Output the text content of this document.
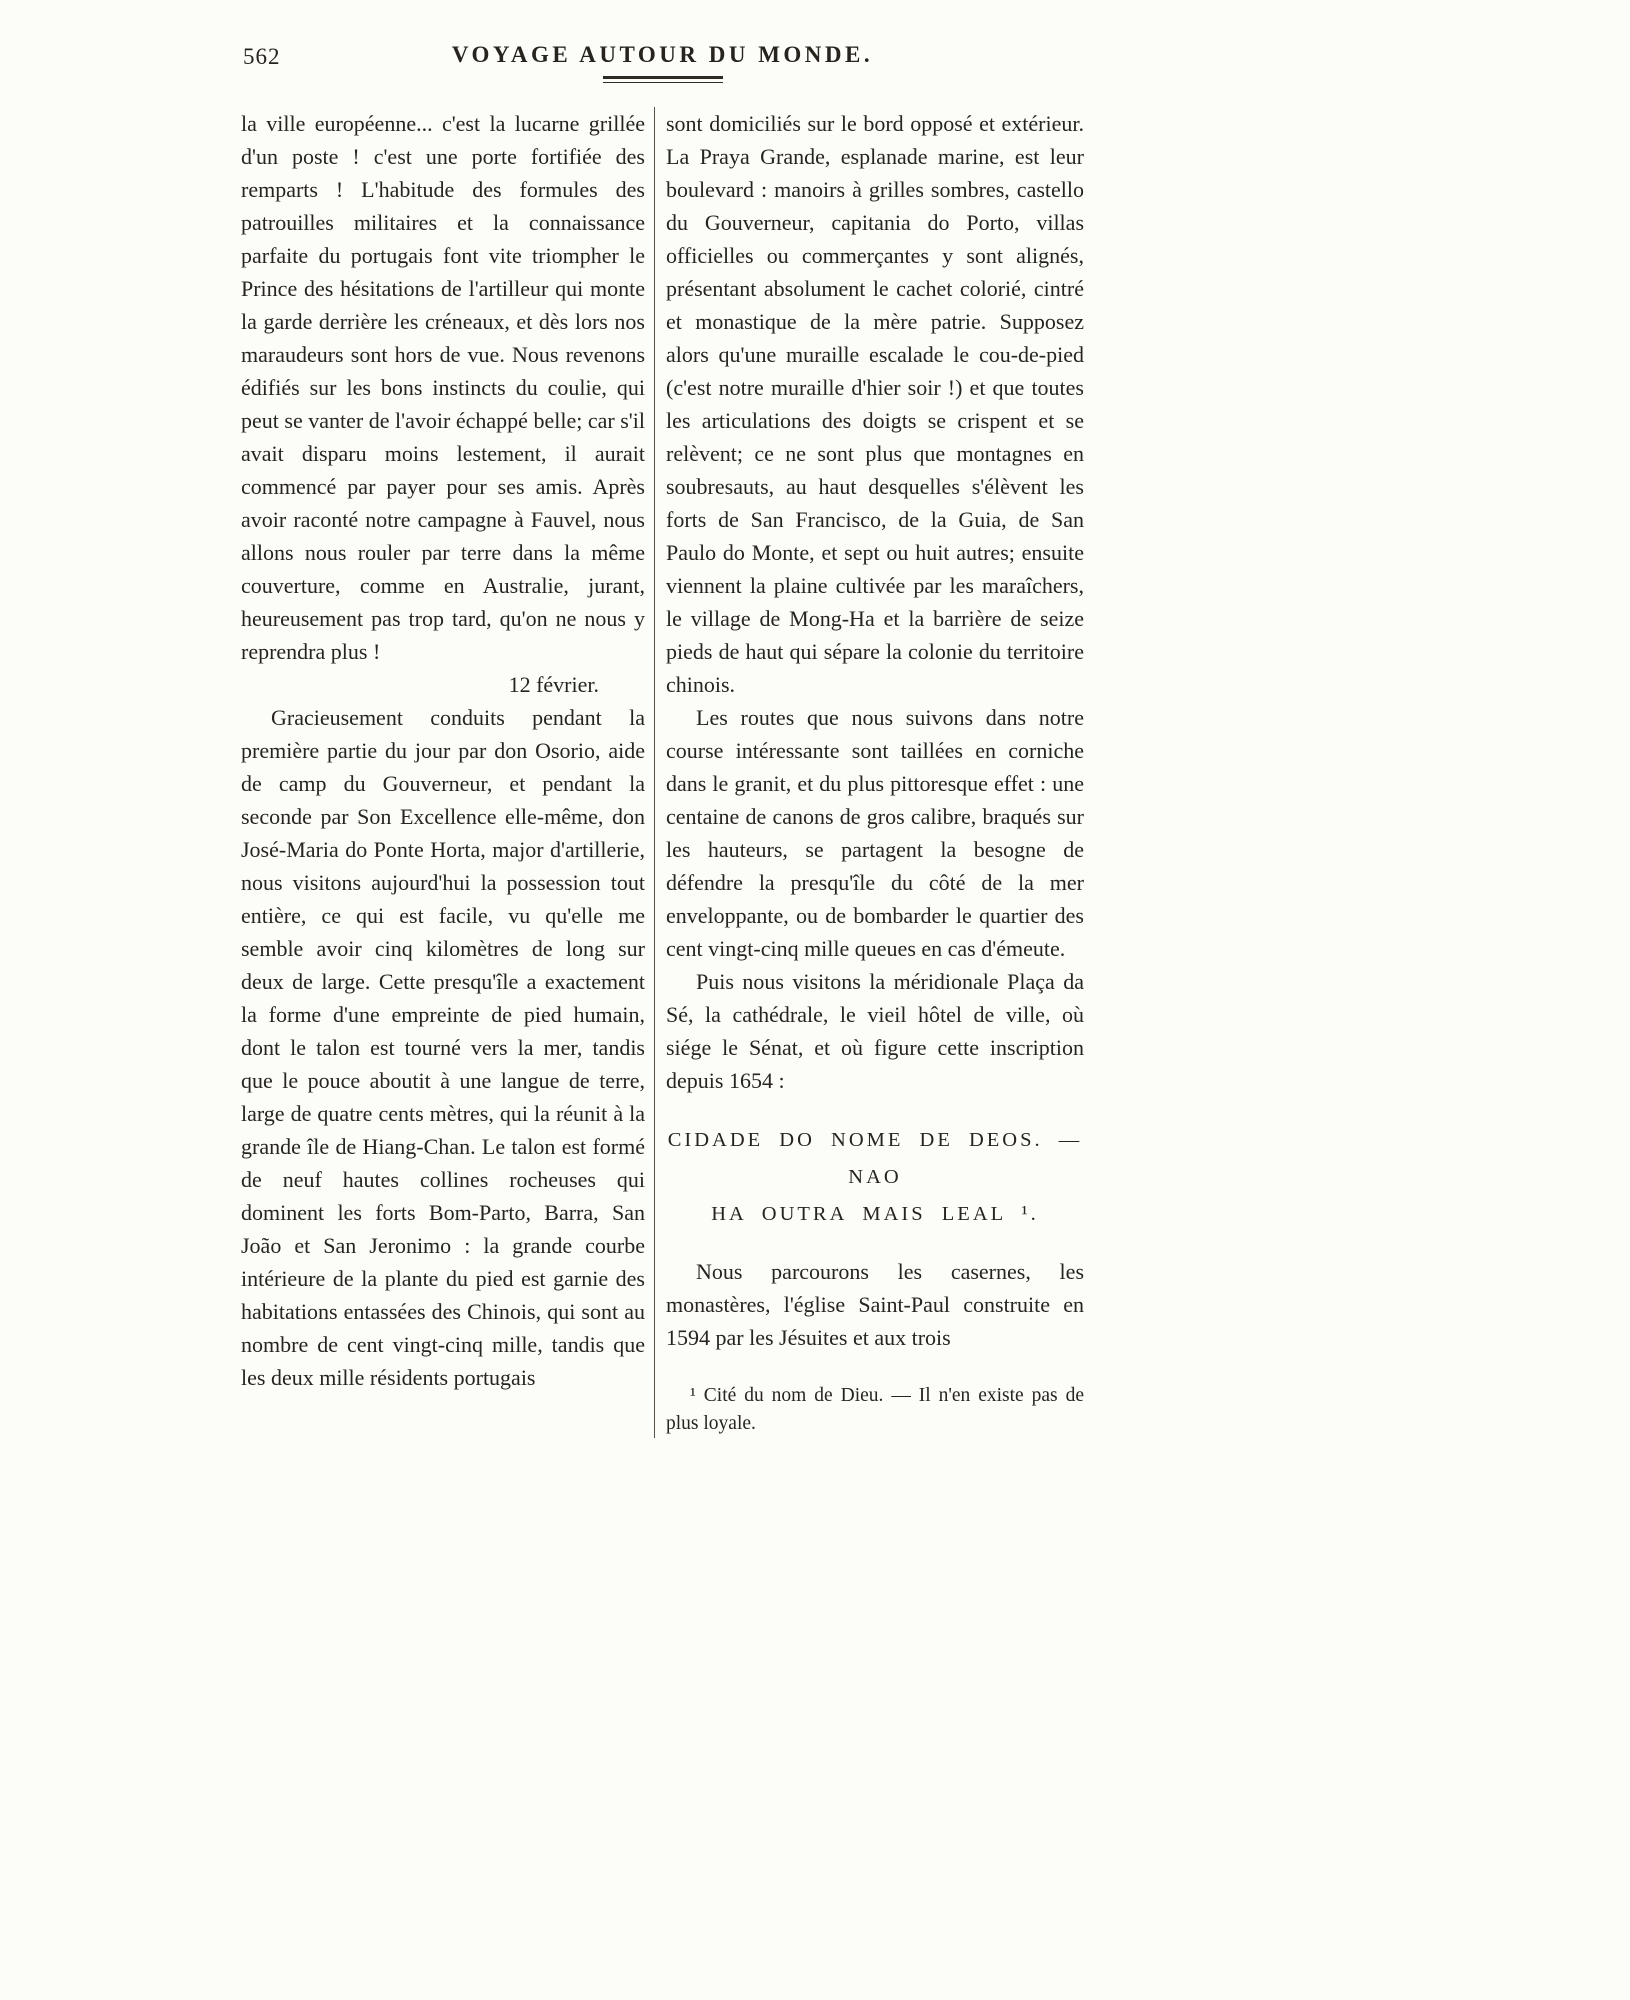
562	VOYAGE AUTOUR DU MONDE.

la ville européenne... c'est la lucarne grillée d'un poste ! c'est une porte fortifiée des remparts ! L'habitude des formules des patrouilles militaires et la connaissance parfaite du portugais font vite triompher le Prince des hésitations de l'artilleur qui monte la garde derrière les créneaux, et dès lors nos maraudeurs sont hors de vue. Nous revenons édifiés sur les bons instincts du coulie, qui peut se vanter de l'avoir échappé belle; car s'il avait disparu moins lestement, il aurait commencé par payer pour ses amis. Après avoir raconté notre campagne à Fauvel, nous allons nous rouler par terre dans la même couverture, comme en Australie, jurant, heureusement pas trop tard, qu'on ne nous y reprendra plus !

12 février.

Gracieusement conduits pendant la première partie du jour par don Osorio, aide de camp du Gouverneur, et pendant la seconde par Son Excellence elle-même, don José-Maria do Ponte Horta, major d'artillerie, nous visitons aujourd'hui la possession tout entière, ce qui est facile, vu qu'elle me semble avoir cinq kilomètres de long sur deux de large. Cette presqu'île a exactement la forme d'une empreinte de pied humain, dont le talon est tourné vers la mer, tandis que le pouce aboutit à une langue de terre, large de quatre cents mètres, qui la réunit à la grande île de Hiang-Chan. Le talon est formé de neuf hautes collines rocheuses qui dominent les forts Bom-Parto, Barra, San João et San Jeronimo : la grande courbe intérieure de la plante du pied est garnie des habitations entassées des Chinois, qui sont au nombre de cent vingt-cinq mille, tandis que les deux mille résidents portugais

sont domiciliés sur le bord opposé et extérieur. La Praya Grande, esplanade marine, est leur boulevard : manoirs à grilles sombres, castello du Gouverneur, capitania do Porto, villas officielles ou commerçantes y sont alignés, présentant absolument le cachet colorié, cintré et monastique de la mère patrie. Supposez alors qu'une muraille escalade le cou-de-pied (c'est notre muraille d'hier soir !) et que toutes les articulations des doigts se crispent et se relèvent; ce ne sont plus que montagnes en soubresauts, au haut desquelles s'élèvent les forts de San Francisco, de la Guia, de San Paulo do Monte, et sept ou huit autres; ensuite viennent la plaine cultivée par les maraîchers, le village de Mong-Ha et la barrière de seize pieds de haut qui sépare la colonie du territoire chinois.

Les routes que nous suivons dans notre course intéressante sont taillées en corniche dans le granit, et du plus pittoresque effet : une centaine de canons de gros calibre, braqués sur les hauteurs, se partagent la besogne de défendre la presqu'île du côté de la mer enveloppante, ou de bombarder le quartier des cent vingt-cinq mille queues en cas d'émeute.

Puis nous visitons la méridionale Plaça da Sé, la cathédrale, le vieil hôtel de ville, où siége le Sénat, et où figure cette inscription depuis 1654 :

CIDADE DO NOME DE DEOS. — NAO
HA OUTRA MAIS LEAL ¹.

Nous parcourons les casernes, les monastères, l'église Saint-Paul construite en 1594 par les Jésuites et aux trois

¹ Cité du nom de Dieu. — Il n'en existe pas de plus loyale.
